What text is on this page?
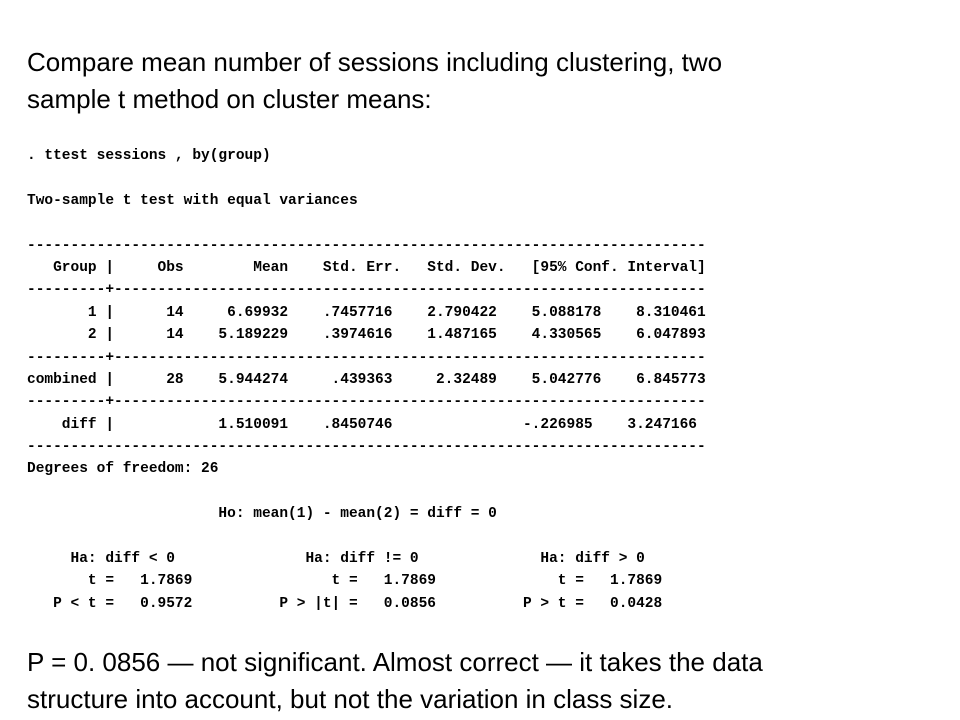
Compare mean number of sessions including clustering, two
sample t method on cluster means:
. ttest sessions , by(group)
Two-sample t test with equal variances
------------------------------------------------------------------------------
Group |     Obs        Mean    Std. Err.   Std. Dev.   [95% Conf. Interval]
---------+--------------------------------------------------------------------
1 |      14     6.69932    .7457716    2.790422    5.088178    8.310461
2 |      14    5.189229    .3974616    1.487165    4.330565    6.047893
---------+--------------------------------------------------------------------
combined |      28    5.944274     .439363     2.32489    5.042776    6.845773
---------+--------------------------------------------------------------------
diff |            1.510091    .8450746               -.226985    3.247166
------------------------------------------------------------------------------
Degrees of freedom: 26
Ho: mean(1) - mean(2) = diff = 0
Ha: diff < 0               Ha: diff != 0              Ha: diff > 0
t =   1.7869                t =   1.7869              t =   1.7869
P < t =   0.9572          P > |t| =   0.0856          P > t =   0.0428

P = 0. 0856 — not significant. Almost correct — it takes the data
structure into account, but not the variation in class size.
